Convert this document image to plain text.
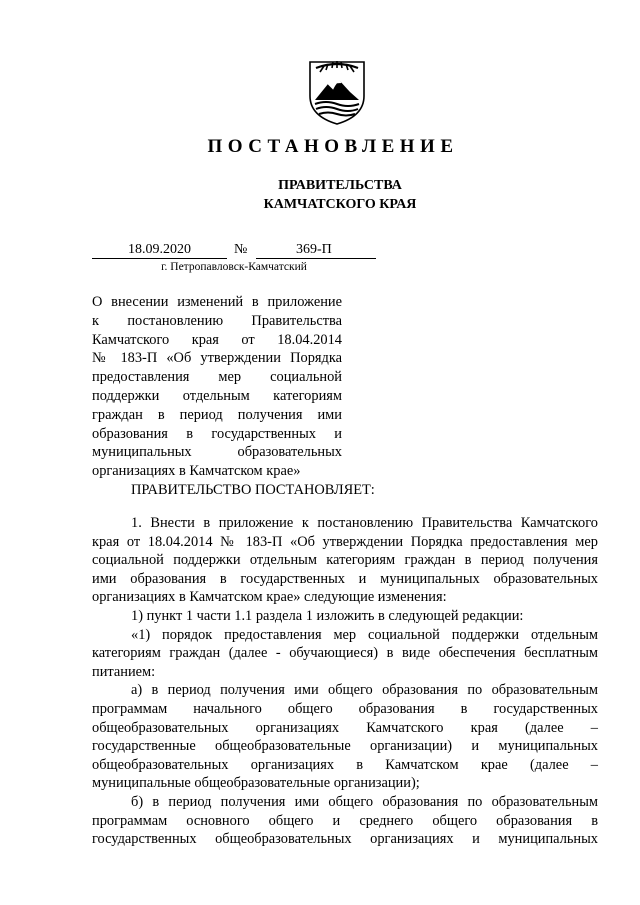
ПОСТАНОВЛЕНИЕ
ПРАВИТЕЛЬСТВА
КАМЧАТСКОГО КРАЯ
18.09.2020	№	369-П
г. Петропавловск-Камчатский
О внесении изменений в приложение
к постановлению Правительства
Камчатского края от 18.04.2014
№ 183-П «Об утверждении Порядка
предоставления мер социальной
поддержки отдельным категориям
граждан в период получения ими
образования в государственных и
муниципальных образовательных
организациях в Камчатском крае»
ПРАВИТЕЛЬСТВО ПОСТАНОВЛЯЕТ:
1. Внести в приложение к постановлению Правительства Камчатского
края от 18.04.2014 № 183-П «Об утверждении Порядка предоставления мер
социальной поддержки отдельным категориям граждан в период получения
ими образования в государственных и муниципальных образовательных
организациях в Камчатском крае» следующие изменения:
1) пункт 1 части 1.1 раздела 1 изложить в следующей редакции:
«1) порядок предоставления мер социальной поддержки отдельным
категориям граждан (далее - обучающиеся) в виде обеспечения бесплатным
питанием:
а) в период получения ими общего образования по образовательным
программам начального общего образования в государственных
общеобразовательных организациях Камчатского края (далее –
государственные общеобразовательные организации) и муниципальных
общеобразовательных организациях в Камчатском крае (далее –
муниципальные общеобразовательные организации);
б) в период получения ими общего образования по образовательным
программам основного общего и среднего общего образования в
государственных общеобразовательных организациях и муниципальных
